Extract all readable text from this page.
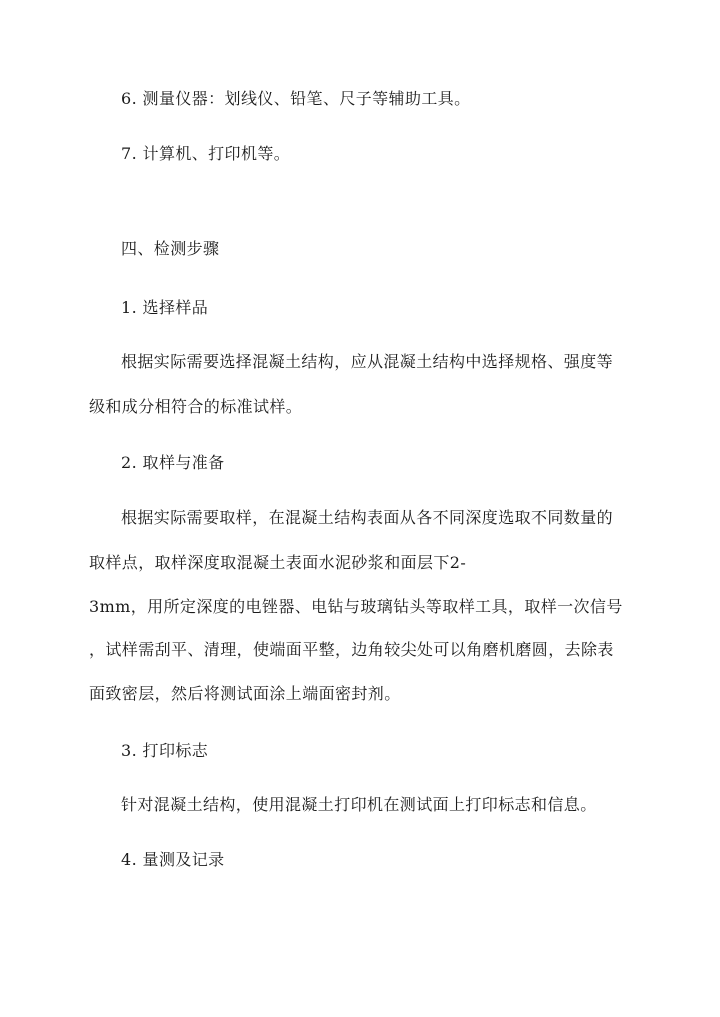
6. 测量仪器：划线仪、铅笔、尺子等辅助工具。
7. 计算机、打印机等。
四、检测步骤
1. 选择样品
根据实际需要选择混凝土结构，应从混凝土结构中选择规格、强度等
级和成分相符合的标准试样。
2. 取样与准备
根据实际需要取样，在混凝土结构表面从各不同深度选取不同数量的
取样点，取样深度取混凝土表面水泥砂浆和面层下2-
3mm，用所定深度的电锉器、电钻与玻璃钻头等取样工具，取样一次信号
，试样需刮平、清理，使端面平整，边角较尖处可以角磨机磨圆，去除表
面致密层，然后将测试面涂上端面密封剂。
3. 打印标志
针对混凝土结构，使用混凝土打印机在测试面上打印标志和信息。
4. 量测及记录
